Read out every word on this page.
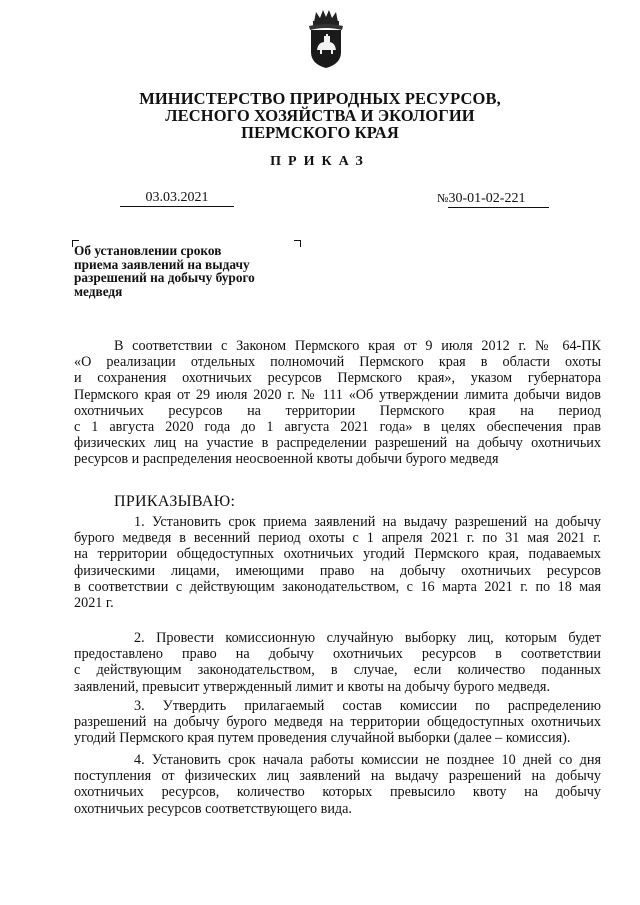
МИНИСТЕРСТВО ПРИРОДНЫХ РЕСУРСОВ,
ЛЕСНОГО ХОЗЯЙСТВА И ЭКОЛОГИИ
ПЕРМСКОГО КРАЯ
ПРИКАЗ
03.03.2021	№30-01-02-221
Об установлении сроков
приема заявлений на выдачу
разрешений на добычу бурого
медведя
В соответствии с Законом Пермского края от 9 июля 2012 г. № 64-ПК
«О реализации отдельных полномочий Пермского края в области охоты
и сохранения охотничьих ресурсов Пермского края», указом губернатора
Пермского края от 29 июля 2020 г. № 111 «Об утверждении лимита добычи видов
охотничьих ресурсов на территории Пермского края на период
с 1 августа 2020 года до 1 августа 2021 года» в целях обеспечения прав
физических лиц на участие в распределении разрешений на добычу охотничьих
ресурсов и распределения неосвоенной квоты добычи бурого медведя
ПРИКАЗЫВАЮ:
1. Установить срок приема заявлений на выдачу разрешений на добычу
бурого медведя в весенний период охоты с 1 апреля 2021 г. по 31 мая 2021 г.
на территории общедоступных охотничьих угодий Пермского края, подаваемых
физическими лицами, имеющими право на добычу охотничьих ресурсов
в соответствии с действующим законодательством, с 16 марта 2021 г. по 18 мая
2021 г.
2. Провести комиссионную случайную выборку лиц, которым будет
предоставлено право на добычу охотничьих ресурсов в соответствии
с действующим законодательством, в случае, если количество поданных
заявлений, превысит утвержденный лимит и квоты на добычу бурого медведя.
3. Утвердить прилагаемый состав комиссии по распределению
разрешений на добычу бурого медведя на территории общедоступных охотничьих
угодий Пермского края путем проведения случайной выборки (далее – комиссия).
4. Установить срок начала работы комиссии не позднее 10 дней со дня
поступления от физических лиц заявлений на выдачу разрешений на добычу
охотничьих ресурсов, количество которых превысило квоту на добычу
охотничьих ресурсов соответствующего вида.
